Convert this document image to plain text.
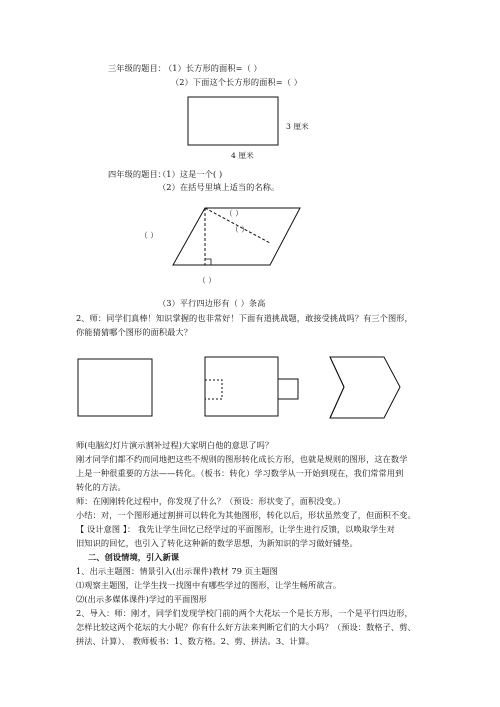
三年级的题目：
（1）长方形的面积=（ ）
（2）下面这个长方形的面积=（ ）
3 厘米
4 厘米
四年级的题目：
（1）这是一个( )
（2）在括号里填上适当的名称。
（ ）
（ ）
（ ）
（ ）
（3）平行四边形有（ ）条高
2、师：同学们真棒！知识掌握的也非常好！下面有道挑战题，敢接受挑战吗？有三个图形，
你能猜猜哪个图形的面积最大？
师(电脑幻灯片演示割补过程)大家明白他的意思了吗？
刚才同学们都不约而同地把这些不规则的图形转化成长方形，也就是规则的图形，这在数学
上是一种很重要的方法——转化。（板书：转化）学习数学从一开始到现在，我们常常用到
转化的方法。
师：在刚刚转化过程中，你发现了什么？（预设：形状变了，面积没变。）
小结：对，一个图形通过割拼可以转化为其他图形，转化以后，形状虽然变了，但面积不变。
【 设计意图 】： 我先让学生回忆已经学过的平面图形，让学生进行反馈，以唤取学生对
旧知识的回忆，也引入了转化这种新的数学思想，为新知识的学习做好铺垫。
二、创设情境，引入新课
1、出示主题图：情景引入(出示课件)教材 79 页主题图
⑴观察主题图，让学生找一找图中有哪些学过的图形，让学生畅所欲言。
⑵(出示多媒体课件)学过的平面图形
2、导入：师：刚才，同学们发现学校门前的两个大花坛一个是长方形，一个是平行四边形，
怎样比较这两个花坛的大小呢？你有什么好方法来判断它们的大小吗？（预设：数格子、剪、
拼法、计算）、 教师板书：1、数方格。2、剪、拼法。3、计算。
